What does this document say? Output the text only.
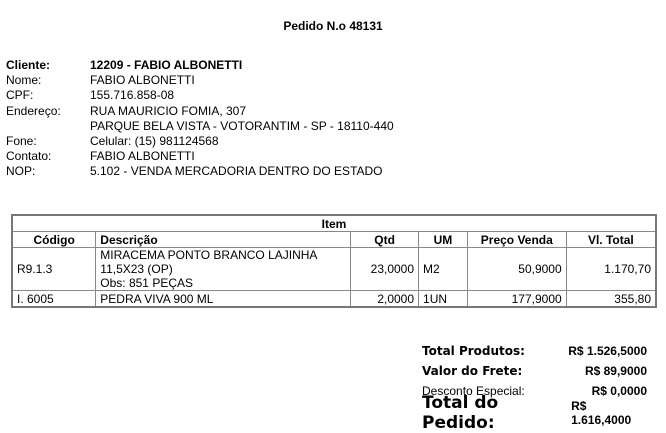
Pedido N.o 48131
Cliente:	12209 - FABIO ALBONETTI
Nome:	FABIO ALBONETTI
CPF:	155.716.858-08
Endereço:	RUA MAURICIO FOMIA, 307
PARQUE BELA VISTA - VOTORANTIM - SP - 18110-440
Fone:	Celular: (15) 981124568
Contato:	FABIO ALBONETTI
NOP:	5.102 - VENDA MERCADORIA DENTRO DO ESTADO
Item					
Código	Descrição	Qtd	UM	Preço Venda	Vl. Total
R9.1.3	MIRACEMA PONTO BRANCO LAJINHA
11,5X23 (OP)
Obs: 851 PEÇAS	23,0000	M2	50,9000	1.170,70
I. 6005	PEDRA VIVA 900 ML	2,0000	1UN	177,9000	355,80
Total Produtos:	R$ 1.526,5000
Valor do Frete:	R$ 89,9000
Desconto Especial:	R$ 0,0000
Total do Pedido:
R$ 1.616,4000
